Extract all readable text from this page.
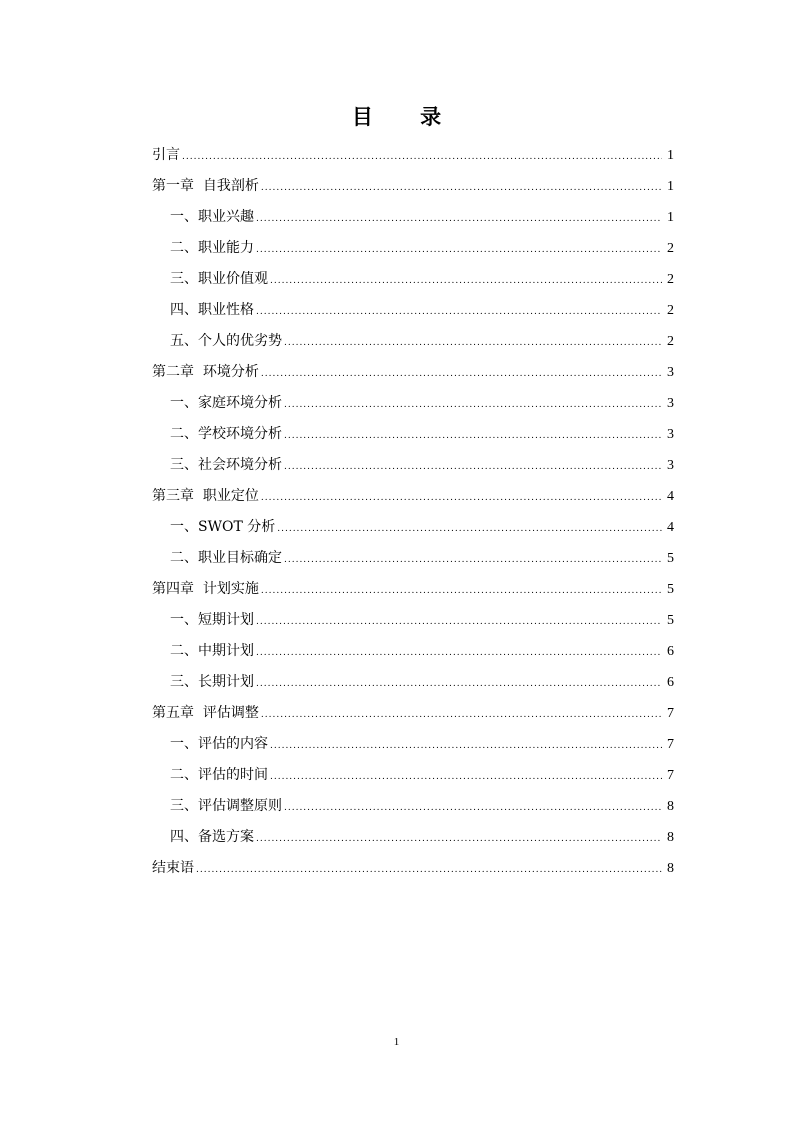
目 录
引言 .....	1
第一章  自我剖析 .....	1
一、职业兴趣 .....	1
二、职业能力 .....	2
三、职业价值观 .....	2
四、职业性格 .....	2
五、个人的优劣势 .....	2
第二章  环境分析 .....	3
一、家庭环境分析 .....	3
二、学校环境分析 .....	3
三、社会环境分析 .....	3
第三章  职业定位 .....	4
一、SWOT 分析 .....	4
二、职业目标确定 .....	5
第四章  计划实施 .....	5
一、短期计划 .....	5
二、中期计划 .....	6
三、长期计划 .....	6
第五章  评估调整 .....	7
一、评估的内容 .....	7
二、评估的时间 .....	7
三、评估调整原则 .....	8
四、备选方案 .....	8
结束语 .....	8
1
